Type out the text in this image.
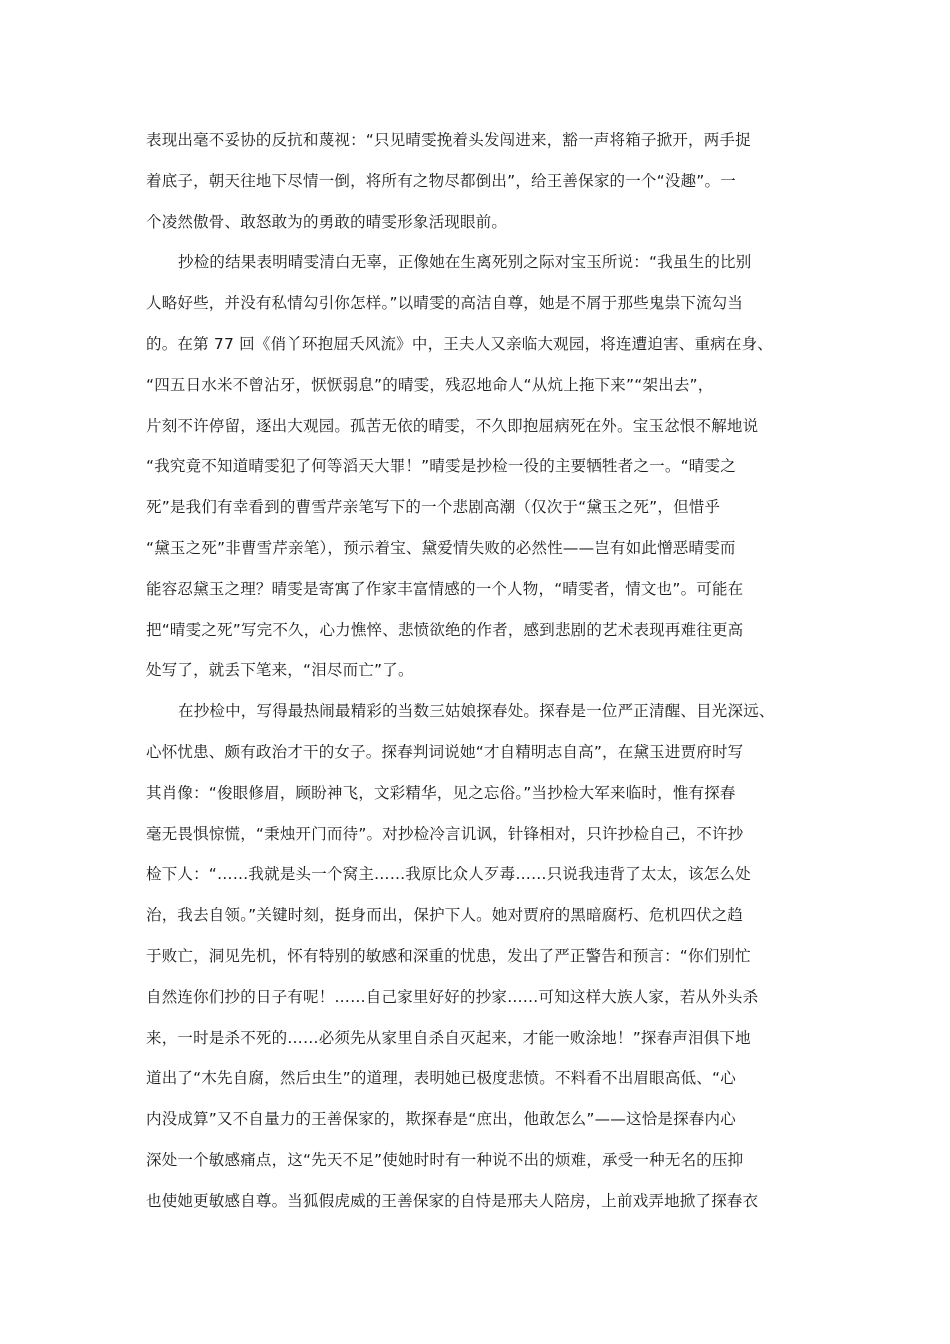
表现出毫不妥协的反抗和蔑视：“只见晴雯挽着头发闯进来，豁一声将箱子掀开，两手捉
着底子，朝天往地下尽情一倒，将所有之物尽都倒出”，给王善保家的一个“没趣”。一
个凌然傲骨、敢怒敢为的勇敢的晴雯形象活现眼前。
抄检的结果表明晴雯清白无辜，正像她在生离死别之际对宝玉所说：“我虽生的比别
人略好些，并没有私情勾引你怎样。”以晴雯的高洁自尊，她是不屑于那些鬼祟下流勾当
的。在第 77 回《俏丫环抱屈夭风流》中，王夫人又亲临大观园，将连遭迫害、重病在身、
“四五日水米不曾沾牙，恹恹弱息”的晴雯，残忍地命人“从炕上拖下来”“架出去”，
片刻不许停留，逐出大观园。孤苦无依的晴雯，不久即抱屈病死在外。宝玉忿恨不解地说
“我究竟不知道晴雯犯了何等滔天大罪！”晴雯是抄检一役的主要牺牲者之一。“晴雯之
死”是我们有幸看到的曹雪芹亲笔写下的一个悲剧高潮（仅次于“黛玉之死”，但惜乎
“黛玉之死”非曹雪芹亲笔），预示着宝、黛爱情失败的必然性——岂有如此憎恶晴雯而
能容忍黛玉之理？晴雯是寄寓了作家丰富情感的一个人物，“晴雯者，情文也”。可能在
把“晴雯之死”写完不久，心力憔悴、悲愤欲绝的作者，感到悲剧的艺术表现再难往更高
处写了，就丢下笔来，“泪尽而亡”了。
在抄检中，写得最热闹最精彩的当数三姑娘探春处。探春是一位严正清醒、目光深远、
心怀忧患、颇有政治才干的女子。探春判词说她“才自精明志自高”，在黛玉进贾府时写
其肖像：“俊眼修眉，顾盼神飞，文彩精华，见之忘俗。”当抄检大军来临时，惟有探春
毫无畏惧惊慌，“秉烛开门而待”。对抄检冷言讥讽，针锋相对，只许抄检自己，不许抄
检下人：“……我就是头一个窝主……我原比众人歹毒……只说我违背了太太，该怎么处
治，我去自领。”关键时刻，挺身而出，保护下人。她对贾府的黑暗腐朽、危机四伏之趋
于败亡，洞见先机，怀有特别的敏感和深重的忧患，发出了严正警告和预言：“你们别忙
自然连你们抄的日子有呢！……自己家里好好的抄家……可知这样大族人家，若从外头杀
来，一时是杀不死的……必须先从家里自杀自灭起来，才能一败涂地！”探春声泪俱下地
道出了“木先自腐，然后虫生”的道理，表明她已极度悲愤。不料看不出眉眼高低、“心
内没成算”又不自量力的王善保家的，欺探春是“庶出，他敢怎么”——这恰是探春内心
深处一个敏感痛点，这“先天不足”使她时时有一种说不出的烦难，承受一种无名的压抑
也使她更敏感自尊。当狐假虎威的王善保家的自恃是邢夫人陪房，上前戏弄地掀了探春衣
